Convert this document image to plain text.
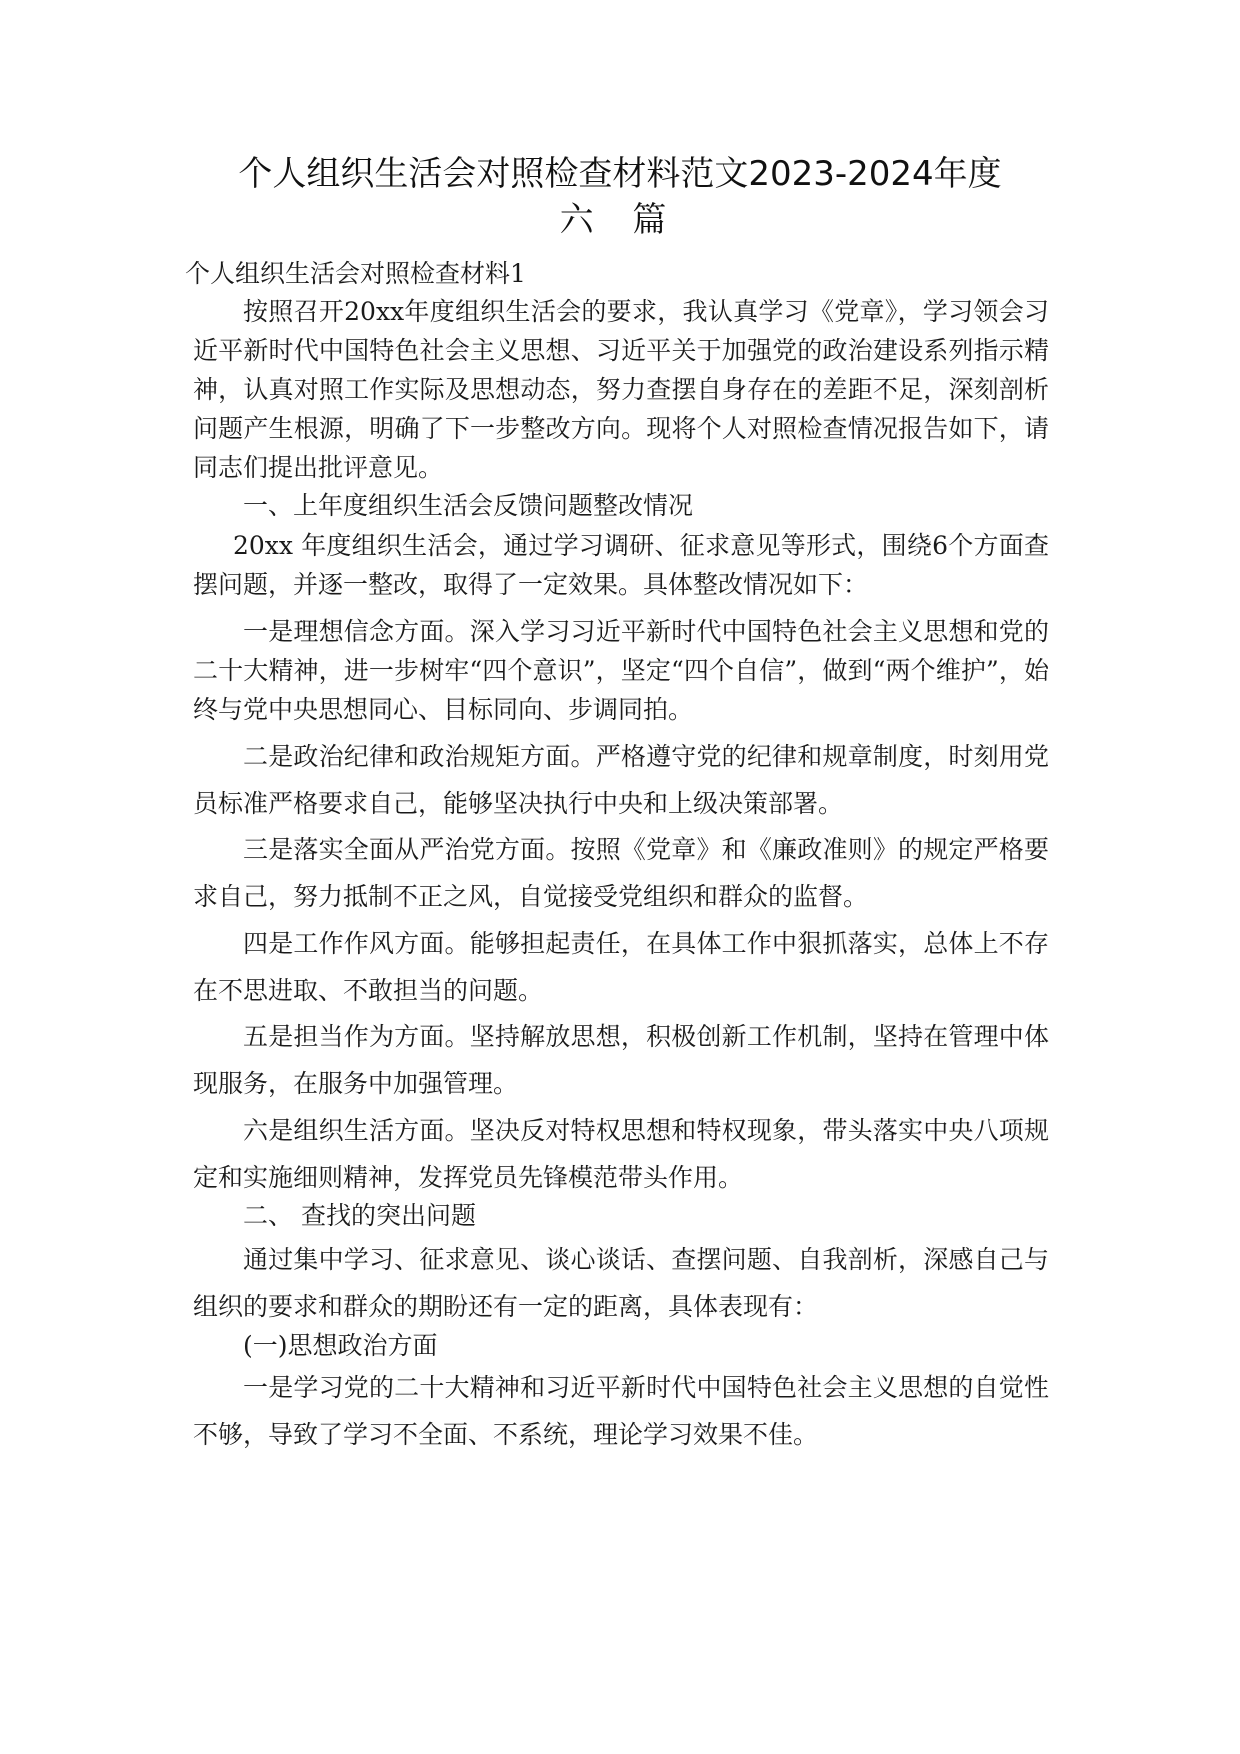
个人组织生活会对照检查材料范文2023-2024年度
六 篇

个人组织生活会对照检查材料1

按照召开20xx年度组织生活会的要求，我认真学习《党章》，学习领会习近平新时代中国特色社会主义思想、习近平关于加强党的政治建设系列指示精神，认真对照工作实际及思想动态，努力查摆自身存在的差距不足，深刻剖析问题产生根源，明确了下一步整改方向。现将个人对照检查情况报告如下，请同志们提出批评意见。

一、上年度组织生活会反馈问题整改情况

20xx 年度组织生活会，通过学习调研、征求意见等形式，围绕6个方面查摆问题，并逐一整改，取得了一定效果。具体整改情况如下：

一是理想信念方面。深入学习习近平新时代中国特色社会主义思想和党的二十大精神，进一步树牢“四个意识”，坚定“四个自信”，做到“两个维护”，始终与党中央思想同心、目标同向、步调同拍。

二是政治纪律和政治规矩方面。严格遵守党的纪律和规章制度，时刻用党员标准严格要求自己，能够坚决执行中央和上级决策部署。

三是落实全面从严治党方面。按照《党章》和《廉政准则》的规定严格要求自己，努力抵制不正之风，自觉接受党组织和群众的监督。

四是工作作风方面。能够担起责任，在具体工作中狠抓落实，总体上不存在不思进取、不敢担当的问题。

五是担当作为方面。坚持解放思想，积极创新工作机制，坚持在管理中体现服务，在服务中加强管理。

六是组织生活方面。坚决反对特权思想和特权现象，带头落实中央八项规定和实施细则精神，发挥党员先锋模范带头作用。

二、 查找的突出问题

通过集中学习、征求意见、谈心谈话、查摆问题、自我剖析，深感自己与组织的要求和群众的期盼还有一定的距离，具体表现有：

(一)思想政治方面

一是学习党的二十大精神和习近平新时代中国特色社会主义思想的自觉性不够，导致了学习不全面、不系统，理论学习效果不佳。
